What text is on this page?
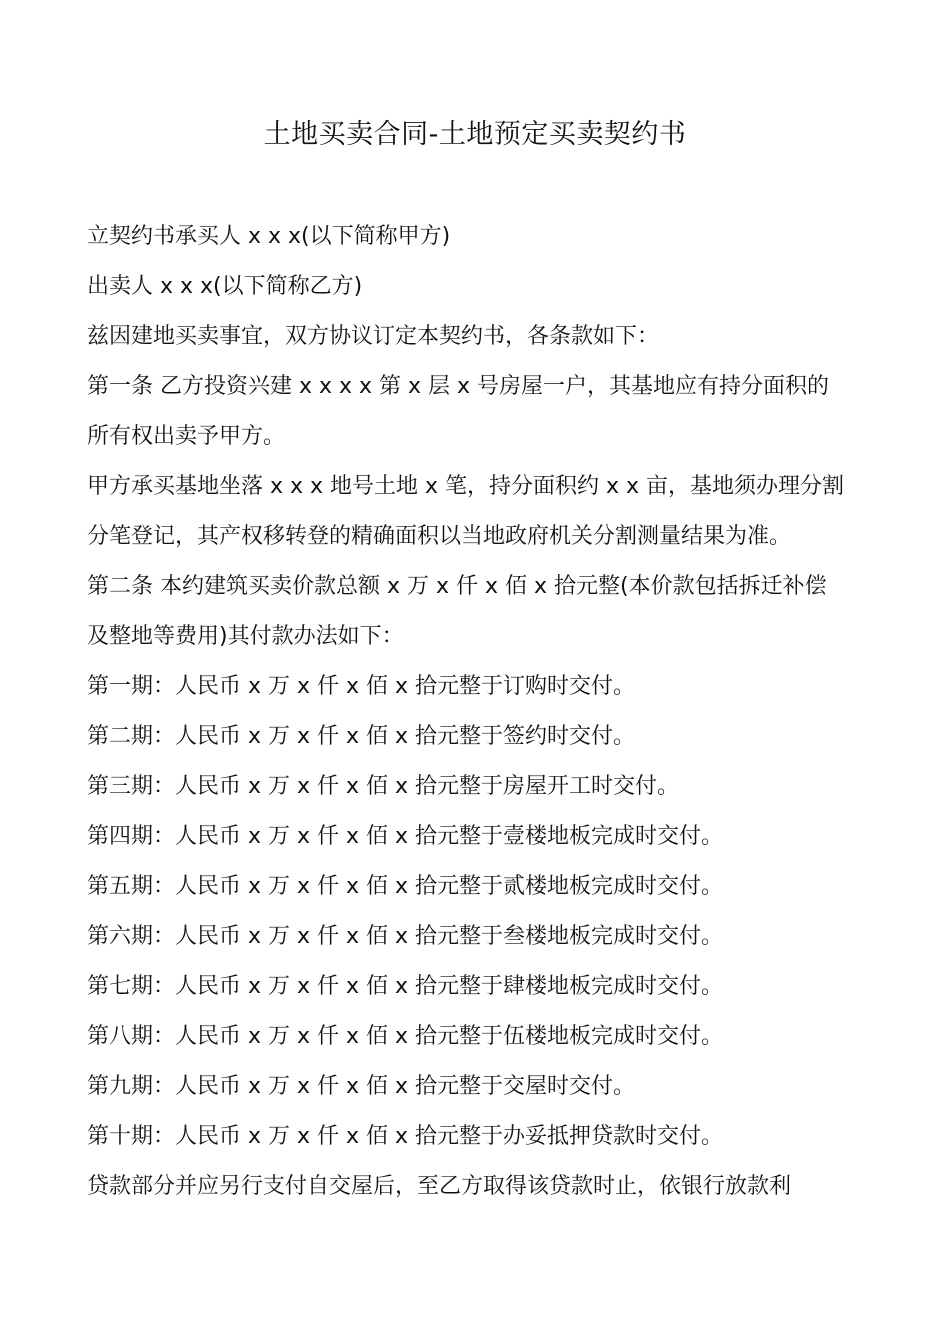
土地买卖合同-土地预定买卖契约书

立契约书承买人 x x x(以下简称甲方)

出卖人 x x x(以下简称乙方)

兹因建地买卖事宜，双方协议订定本契约书，各条款如下：

第一条 乙方投资兴建 x x x x 第 x 层 x 号房屋一户，其基地应有持分面积的

所有权出卖予甲方。

甲方承买基地坐落 x x x 地号土地 x 笔，持分面积约 x x 亩，基地须办理分割

分笔登记，其产权移转登的精确面积以当地政府机关分割测量结果为准。

第二条 本约建筑买卖价款总额 x 万 x 仟 x 佰 x 拾元整(本价款包括拆迁补偿

及整地等费用)其付款办法如下：

第一期：人民币 x 万 x 仟 x 佰 x 拾元整于订购时交付。

第二期：人民币 x 万 x 仟 x 佰 x 拾元整于签约时交付。

第三期：人民币 x 万 x 仟 x 佰 x 拾元整于房屋开工时交付。

第四期：人民币 x 万 x 仟 x 佰 x 拾元整于壹楼地板完成时交付。

第五期：人民币 x 万 x 仟 x 佰 x 拾元整于贰楼地板完成时交付。

第六期：人民币 x 万 x 仟 x 佰 x 拾元整于叁楼地板完成时交付。

第七期：人民币 x 万 x 仟 x 佰 x 拾元整于肆楼地板完成时交付。

第八期：人民币 x 万 x 仟 x 佰 x 拾元整于伍楼地板完成时交付。

第九期：人民币 x 万 x 仟 x 佰 x 拾元整于交屋时交付。

第十期：人民币 x 万 x 仟 x 佰 x 拾元整于办妥抵押贷款时交付。

贷款部分并应另行支付自交屋后，至乙方取得该贷款时止，依银行放款利
